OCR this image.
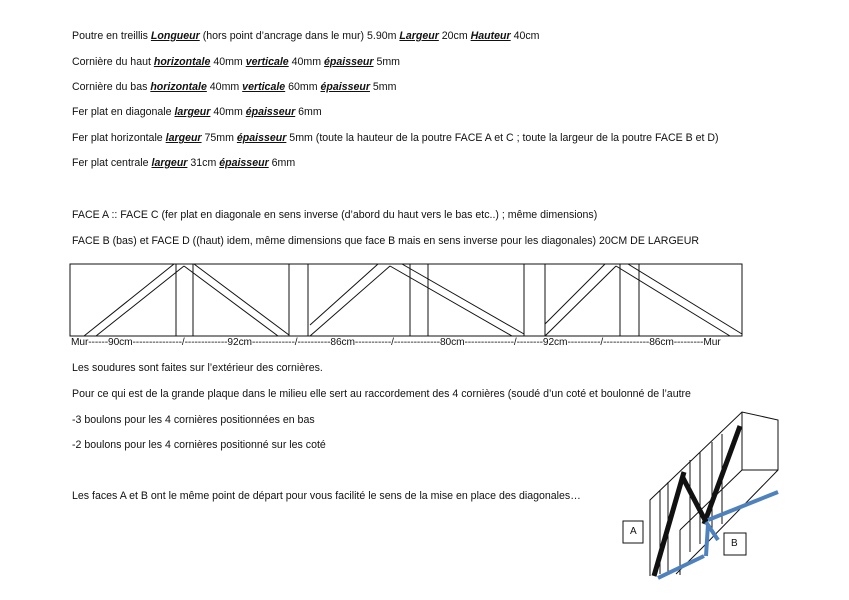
Poutre en treillis Longueur (hors point d’ancrage dans le mur) 5.90m Largeur 20cm Hauteur 40cm
Cornière du haut horizontale 40mm verticale 40mm épaisseur 5mm
Cornière du bas horizontale 40mm verticale 60mm épaisseur 5mm
Fer plat en diagonale largeur 40mm épaisseur 6mm
Fer plat horizontale largeur 75mm épaisseur 5mm (toute la hauteur de la poutre FACE A et C ; toute la largeur de la poutre FACE B et D)
Fer plat centrale largeur 31cm épaisseur 6mm
FACE A :: FACE C (fer plat en diagonale en sens inverse (d’abord du haut vers le bas etc..) ; même dimensions)
FACE B (bas) et FACE D ((haut) idem, même dimensions que face B mais en sens inverse pour les diagonales) 20CM DE LARGEUR
Les soudures sont faites sur l’extérieur des cornières.
Pour ce qui est de la grande plaque dans le milieu elle sert au raccordement des 4 cornières (soudé d’un coté et boulonné de l’autre
-3 boulons pour les 4 cornières positionnées en bas
-2 boulons pour les 4 cornières positionné sur les coté
Les faces A et B ont le même point de départ pour vous facilité le sens de la mise en place des diagonales…
Mur------90cm---------------/-------------92cm-------------/----------86cm-----------/--------------80cm---------------/--------92cm----------/--------------86cm---------Mur
A
B
